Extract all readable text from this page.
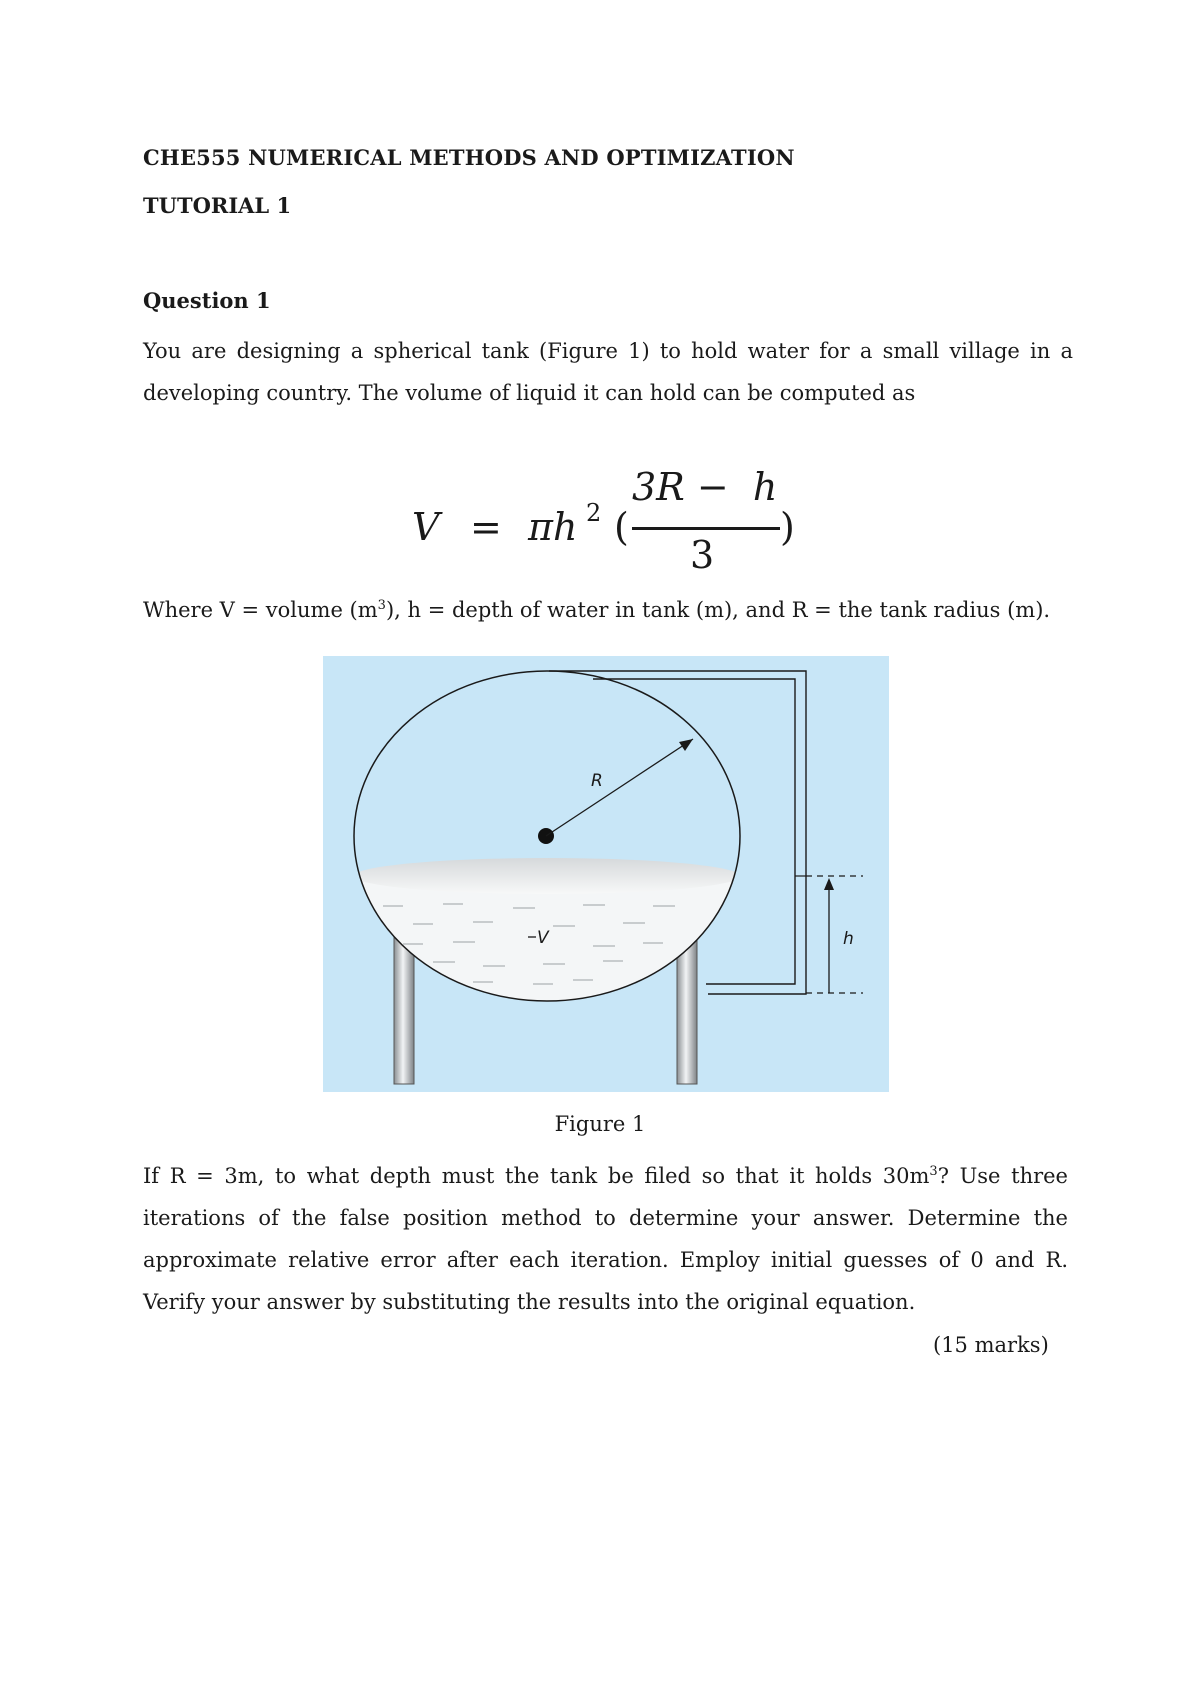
CHE555 NUMERICAL METHODS AND OPTIMIZATION
TUTORIAL 1
Question 1
You are designing a spherical tank (Figure 1) to hold water for a small village in a developing country. The volume of liquid it can hold can be computed as
V = πh 2 (
3R −  h
3
)
Where V = volume $(m^3)$, h = depth of water in tank (m), and R = the tank radius (m).
R
V	h
Figure 1
If R = 3m, to what depth must the tank be filed so that it holds $30m^3$? Use three iterations of the false position method to determine your answer. Determine the approximate relative error after each iteration. Employ initial guesses of 0 and R. Verify your answer by substituting the results into the original equation.
(15 marks)
